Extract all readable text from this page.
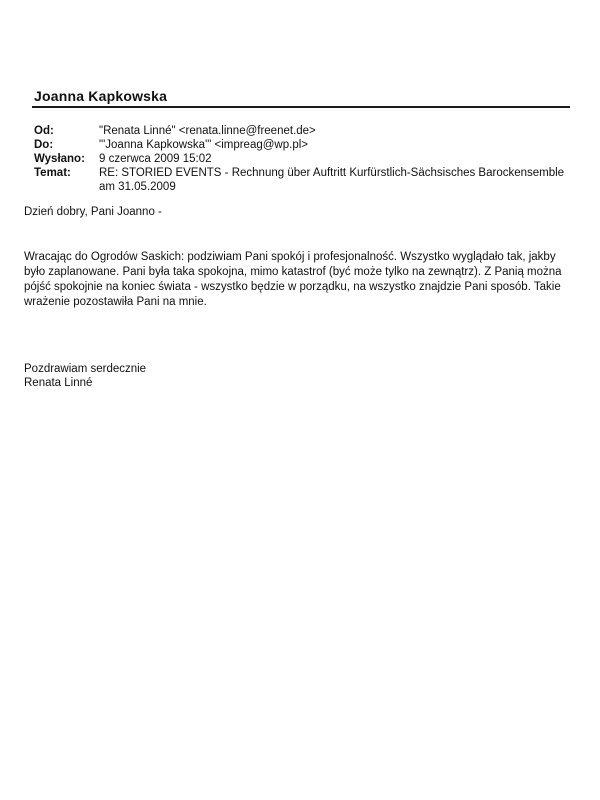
Joanna Kapkowska
Od:	"Renata Linné" <renata.linne@freenet.de>
Do:	"'Joanna Kapkowska'" <impreag@wp.pl>
Wysłano:	9 czerwca 2009 15:02
Temat:	RE: STORIED EVENTS - Rechnung über Auftritt Kurfürstlich-Sächsisches Barockensemble am 31.05.2009
Dzień dobry, Pani Joanno -

Wracając do Ogrodów Saskich: podziwiam Pani spokój i profesjonalność. Wszystko wyglądało tak, jakby było zaplanowane. Pani była taka spokojna, mimo katastrof (być może tylko na zewnątrz). Z Panią można pójść spokojnie na koniec świata - wszystko będzie w porządku, na wszystko znajdzie Pani sposób. Takie wrażenie pozostawiła Pani na mnie.

Pozdrawiam serdecznie
Renata Linné
